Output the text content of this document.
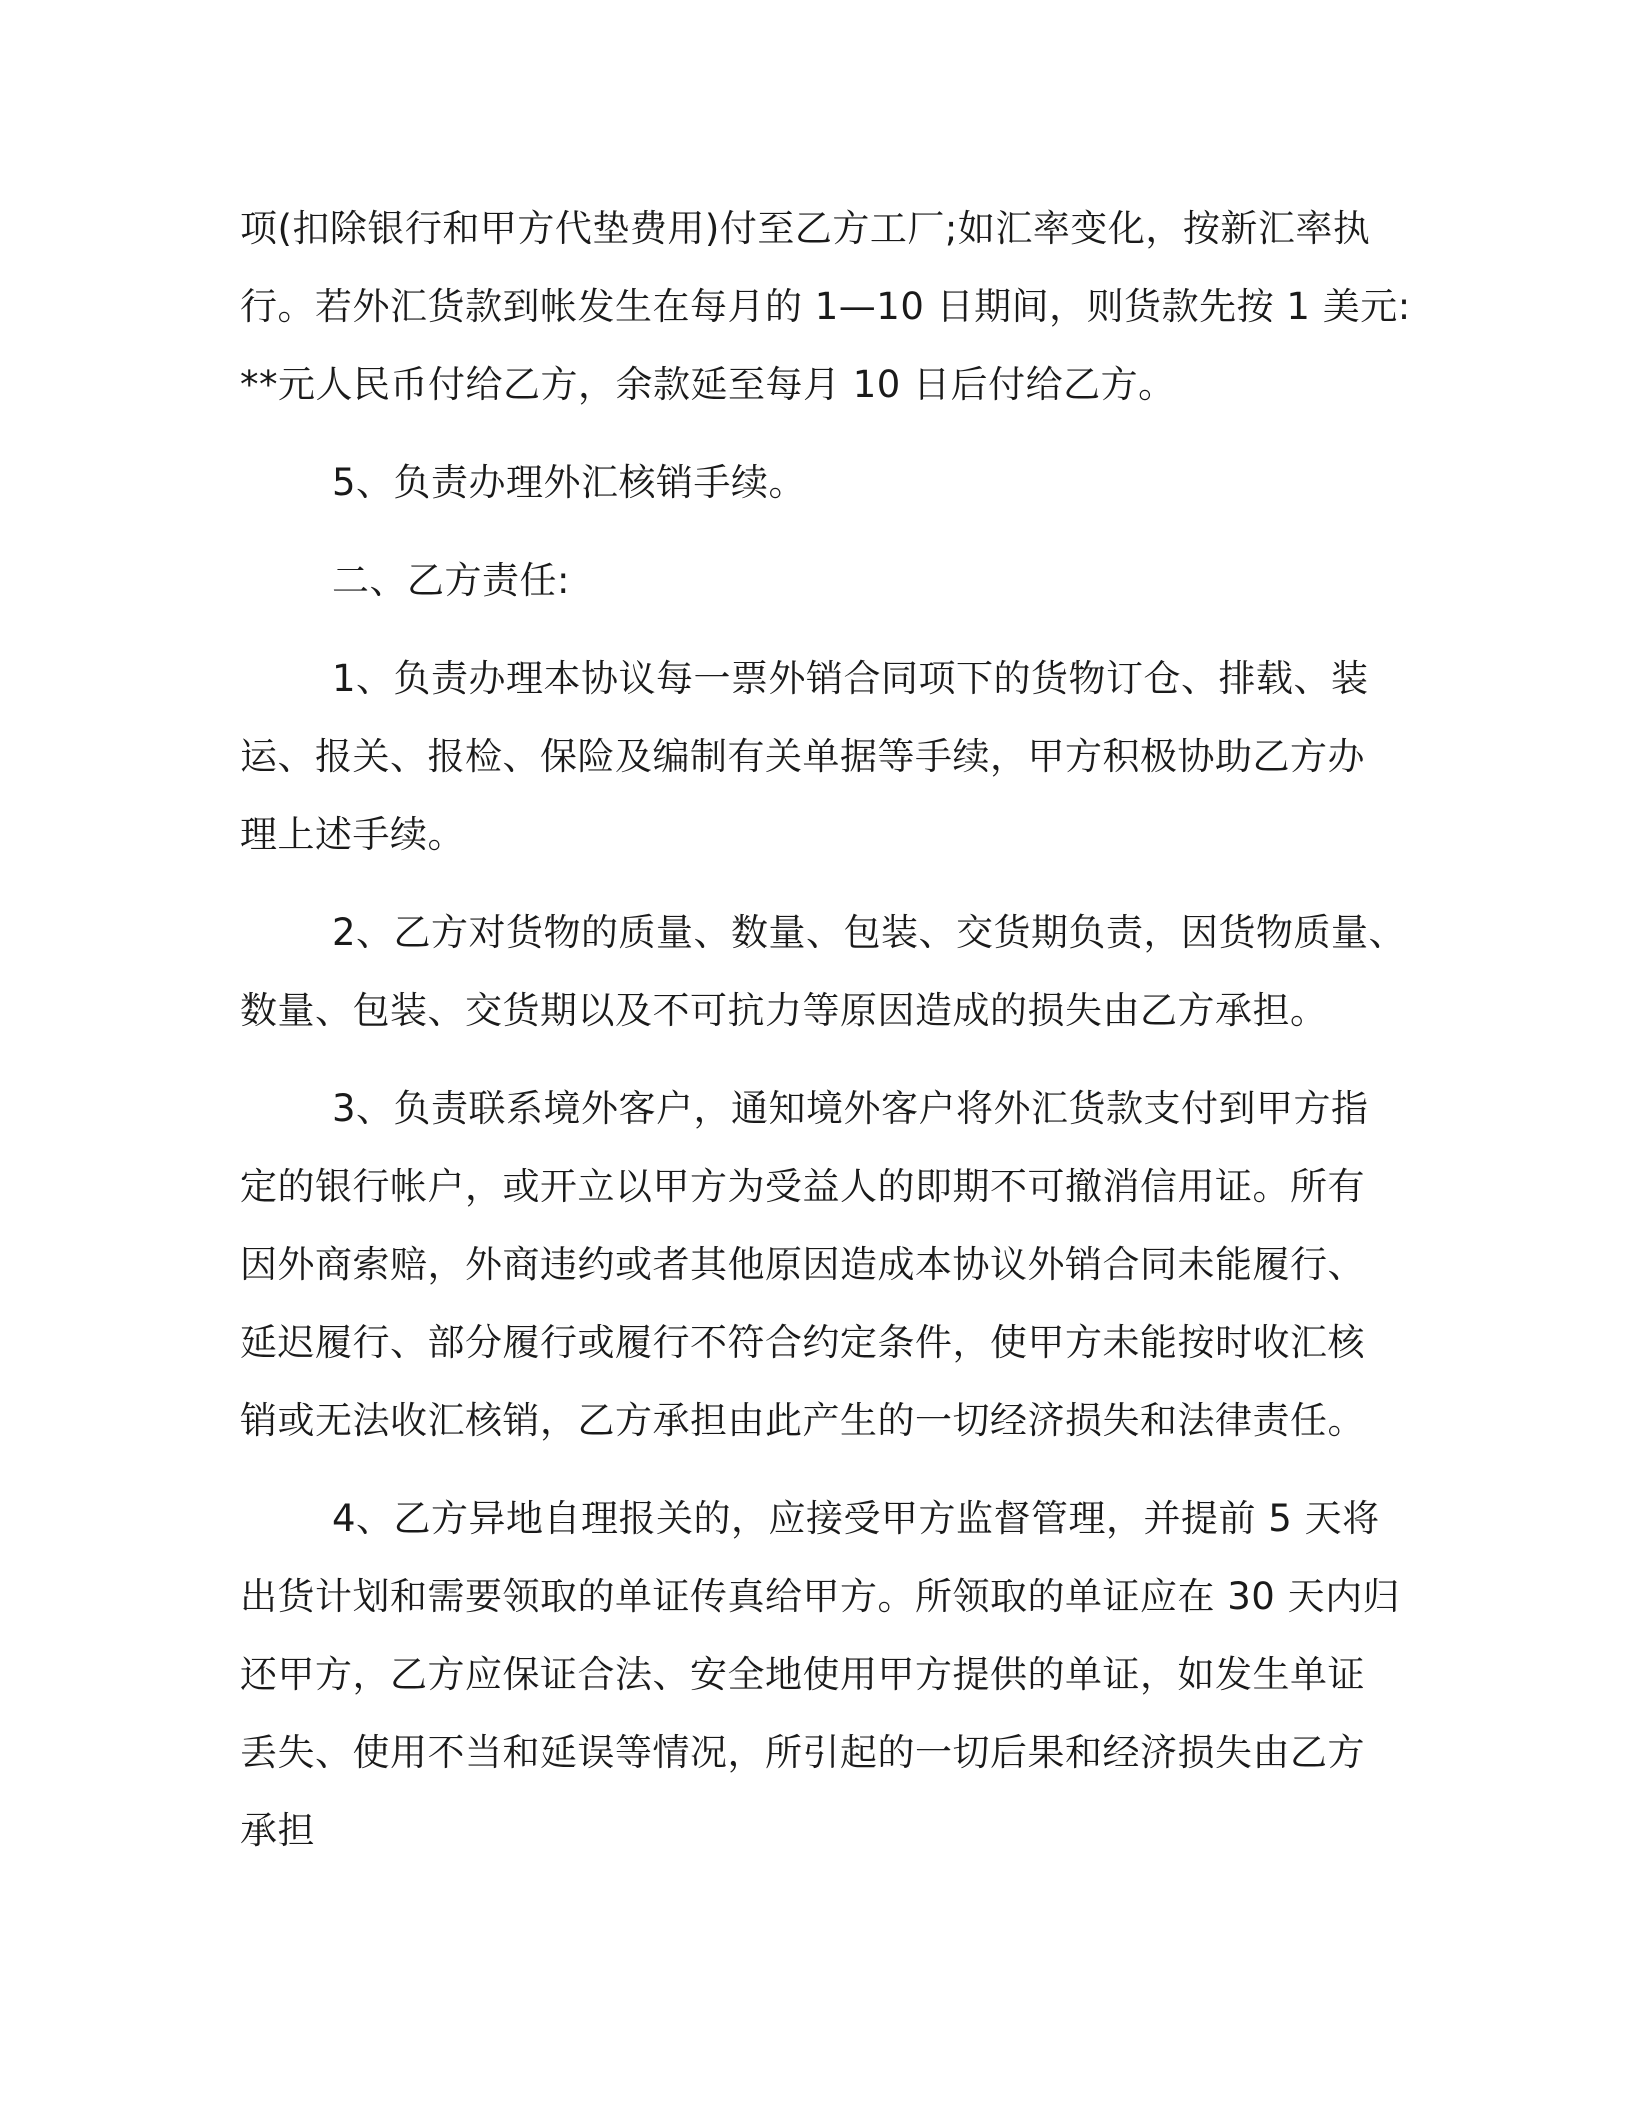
项(扣除银行和甲方代垫费用)付至乙方工厂;如汇率变化，按新汇率执
行。若外汇货款到帐发生在每月的 1—10 日期间，则货款先按 1 美元:
**元人民币付给乙方，余款延至每月 10 日后付给乙方。
5、负责办理外汇核销手续。
二、乙方责任:
1、负责办理本协议每一票外销合同项下的货物订仓、排载、装
运、报关、报检、保险及编制有关单据等手续，甲方积极协助乙方办
理上述手续。
2、乙方对货物的质量、数量、包装、交货期负责，因货物质量、
数量、包装、交货期以及不可抗力等原因造成的损失由乙方承担。
3、负责联系境外客户，通知境外客户将外汇货款支付到甲方指
定的银行帐户，或开立以甲方为受益人的即期不可撤消信用证。所有
因外商索赔，外商违约或者其他原因造成本协议外销合同未能履行、
延迟履行、部分履行或履行不符合约定条件，使甲方未能按时收汇核
销或无法收汇核销，乙方承担由此产生的一切经济损失和法律责任。
4、乙方异地自理报关的，应接受甲方监督管理，并提前 5 天将
出货计划和需要领取的单证传真给甲方。所领取的单证应在 30 天内归
还甲方，乙方应保证合法、安全地使用甲方提供的单证，如发生单证
丢失、使用不当和延误等情况，所引起的一切后果和经济损失由乙方
承担
